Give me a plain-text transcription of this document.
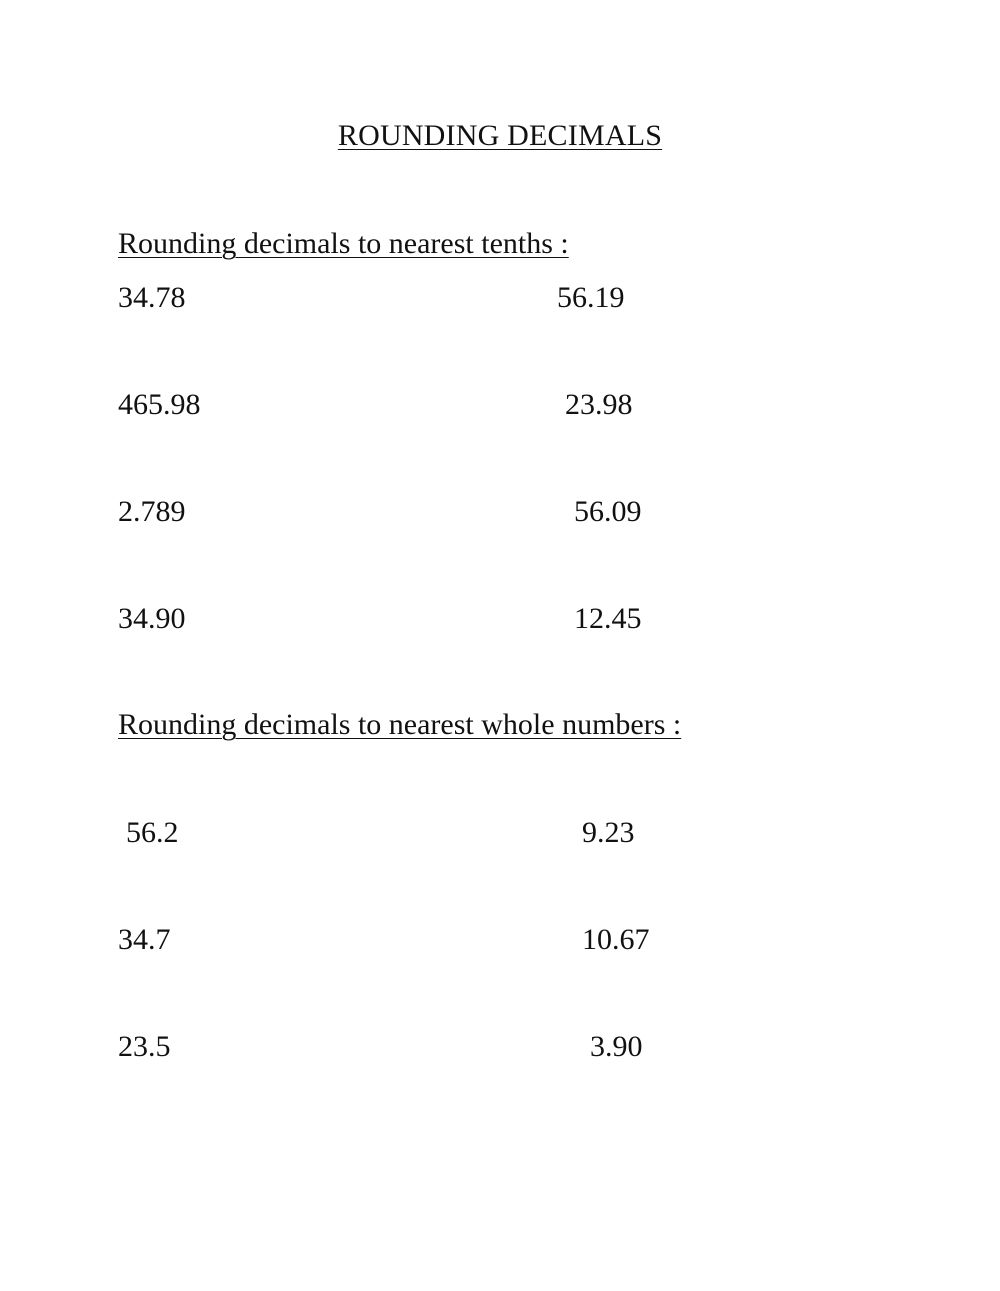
ROUNDING DECIMALS
Rounding decimals to nearest tenths :
34.78	56.19
465.98	23.98
2.789	56.09
34.90	12.45
Rounding decimals to nearest whole numbers :
56.2	9.23
34.7	10.67
23.5	3.90
